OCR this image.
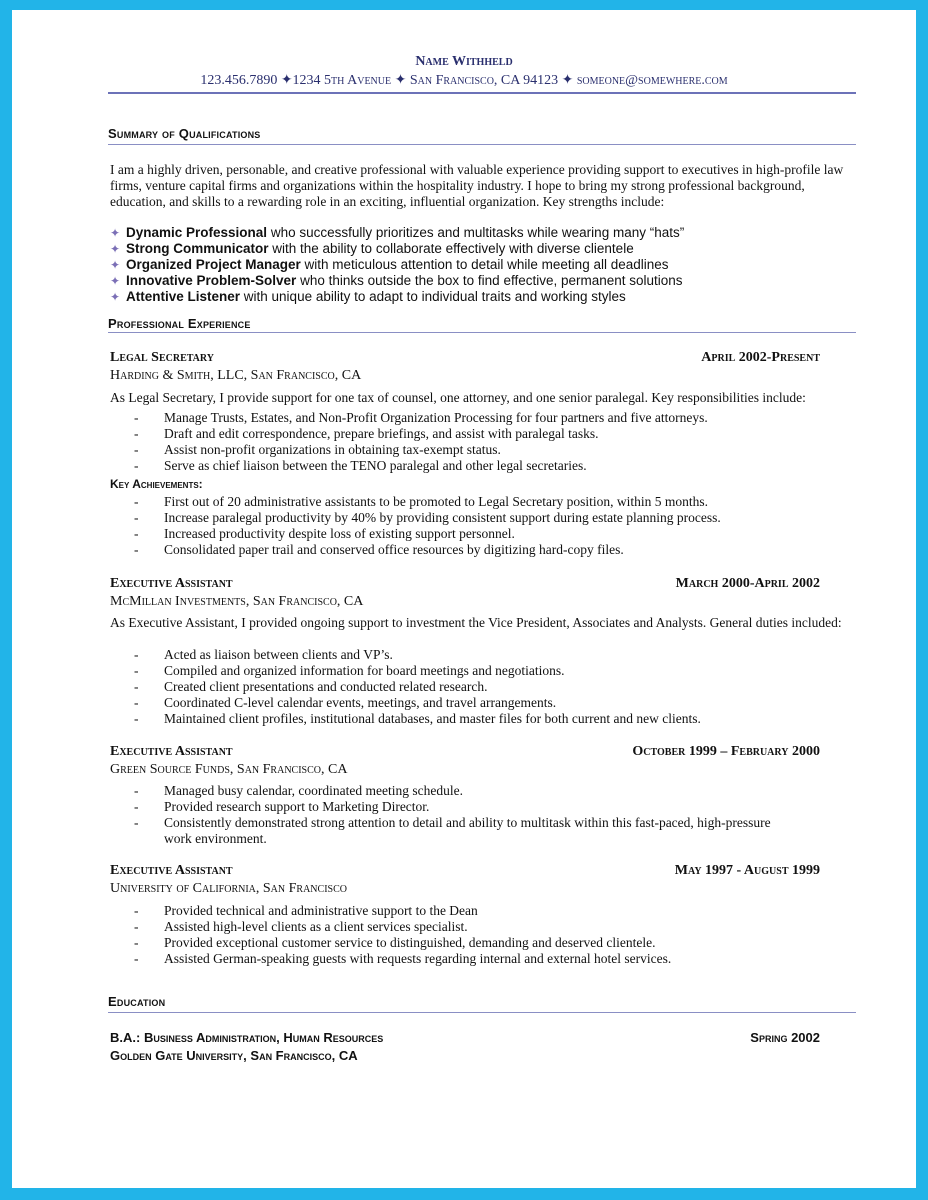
Name Withheld
123.456.7890 ✦1234 5th Avenue ✦ San Francisco, CA 94123 ✦ someone@somewhere.com
Summary of Qualifications
I am a highly driven, personable, and creative professional with valuable experience providing support to executives in high-profile law firms, venture capital firms and organizations within the hospitality industry. I hope to bring my strong professional background, education, and skills to a rewarding role in an exciting, influential organization. Key strengths include:
✦ Dynamic Professional who successfully prioritizes and multitasks while wearing many “hats”
✦ Strong Communicator with the ability to collaborate effectively with diverse clientele
✦ Organized Project Manager with meticulous attention to detail while meeting all deadlines
✦ Innovative Problem-Solver who thinks outside the box to find effective, permanent solutions
✦ Attentive Listener with unique ability to adapt to individual traits and working styles
Professional Experience
Legal Secretary	April 2002-Present
Harding & Smith, LLC, San Francisco, CA
As Legal Secretary, I provide support for one tax of counsel, one attorney, and one senior paralegal. Key responsibilities include:
- Manage Trusts, Estates, and Non-Profit Organization Processing for four partners and five attorneys.
- Draft and edit correspondence, prepare briefings, and assist with paralegal tasks.
- Assist non-profit organizations in obtaining tax-exempt status.
- Serve as chief liaison between the TENO paralegal and other legal secretaries.
Key Achievements:
- First out of 20 administrative assistants to be promoted to Legal Secretary position, within 5 months.
- Increase paralegal productivity by 40% by providing consistent support during estate planning process.
- Increased productivity despite loss of existing support personnel.
- Consolidated paper trail and conserved office resources by digitizing hard-copy files.
Executive Assistant	March 2000-April 2002
McMillan Investments, San Francisco, CA
As Executive Assistant, I provided ongoing support to investment the Vice President, Associates and Analysts. General duties included:
- Acted as liaison between clients and VP’s.
- Compiled and organized information for board meetings and negotiations.
- Created client presentations and conducted related research.
- Coordinated C-level calendar events, meetings, and travel arrangements.
- Maintained client profiles, institutional databases, and master files for both current and new clients.
Executive Assistant	October 1999 – February 2000
Green Source Funds, San Francisco, CA
- Managed busy calendar, coordinated meeting schedule.
- Provided research support to Marketing Director.
- Consistently demonstrated strong attention to detail and ability to multitask within this fast-paced, high-pressure
work environment.
Executive Assistant	May 1997 - August 1999
University of California, San Francisco
- Provided technical and administrative support to the Dean
- Assisted high-level clients as a client services specialist.
- Provided exceptional customer service to distinguished, demanding and deserved clientele.
- Assisted German-speaking guests with requests regarding internal and external hotel services.
Education
B.A.: Business Administration, Human Resources	Spring 2002
Golden Gate University, San Francisco, CA
